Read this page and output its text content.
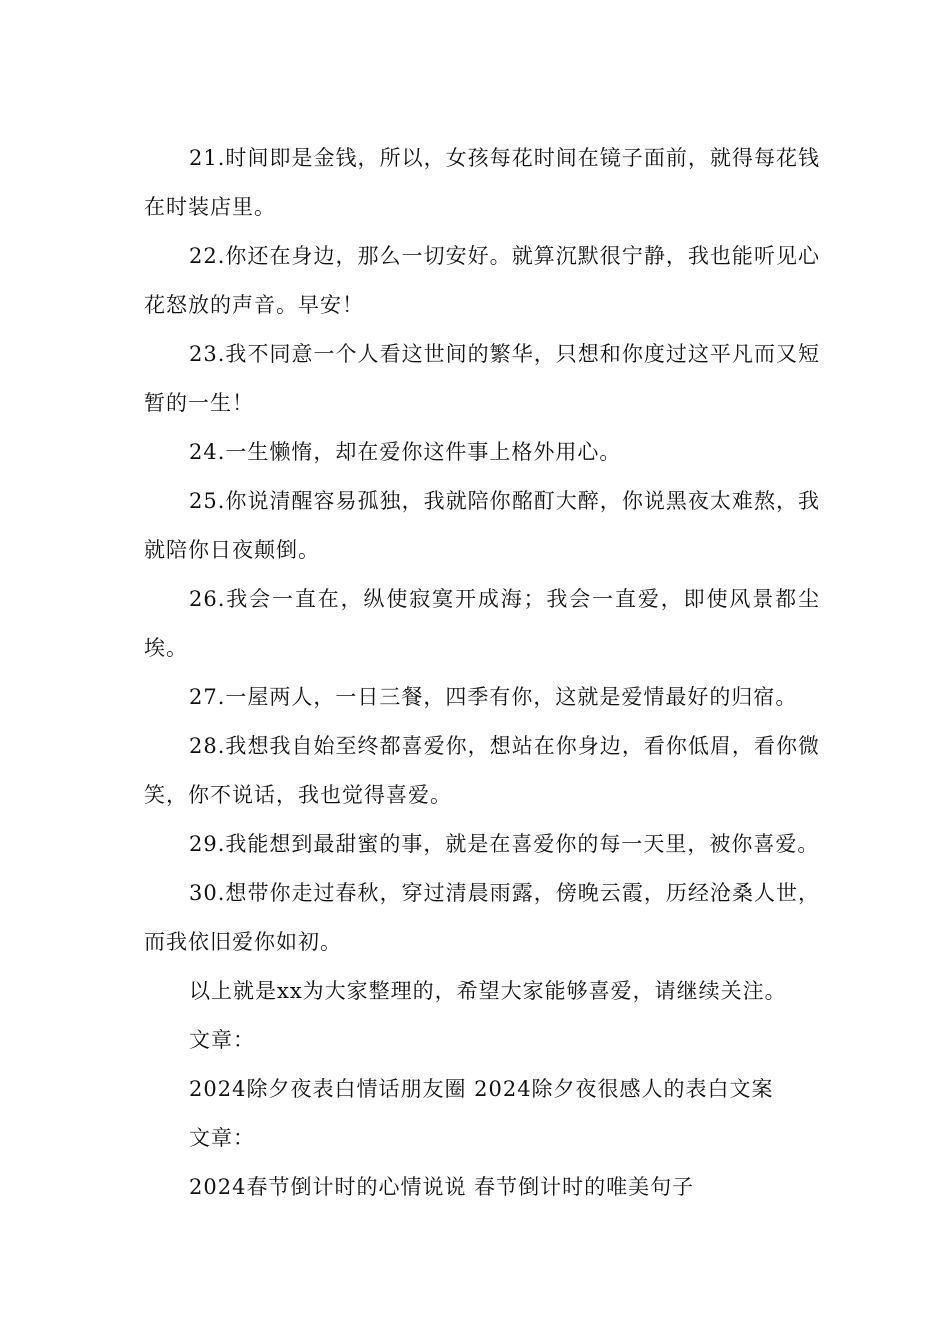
21.时间即是金钱，所以，女孩每花时间在镜子面前，就得每花钱在时装店里。

22.你还在身边，那么一切安好。就算沉默很宁静，我也能听见心花怒放的声音。早安！

23.我不同意一个人看这世间的繁华，只想和你度过这平凡而又短暂的一生！

24.一生懒惰，却在爱你这件事上格外用心。

25.你说清醒容易孤独，我就陪你酩酊大醉，你说黑夜太难熬，我就陪你日夜颠倒。

26.我会一直在，纵使寂寞开成海；我会一直爱，即使风景都尘埃。

27.一屋两人，一日三餐，四季有你，这就是爱情最好的归宿。

28.我想我自始至终都喜爱你，想站在你身边，看你低眉，看你微笑，你不说话，我也觉得喜爱。

29.我能想到最甜蜜的事，就是在喜爱你的每一天里，被你喜爱。

30.想带你走过春秋，穿过清晨雨露，傍晚云霞，历经沧桑人世，而我依旧爱你如初。

以上就是xx为大家整理的，希望大家能够喜爱，请继续关注。

文章：

2024除夕夜表白情话朋友圈 2024除夕夜很感人的表白文案

文章：

2024春节倒计时的心情说说 春节倒计时的唯美句子
